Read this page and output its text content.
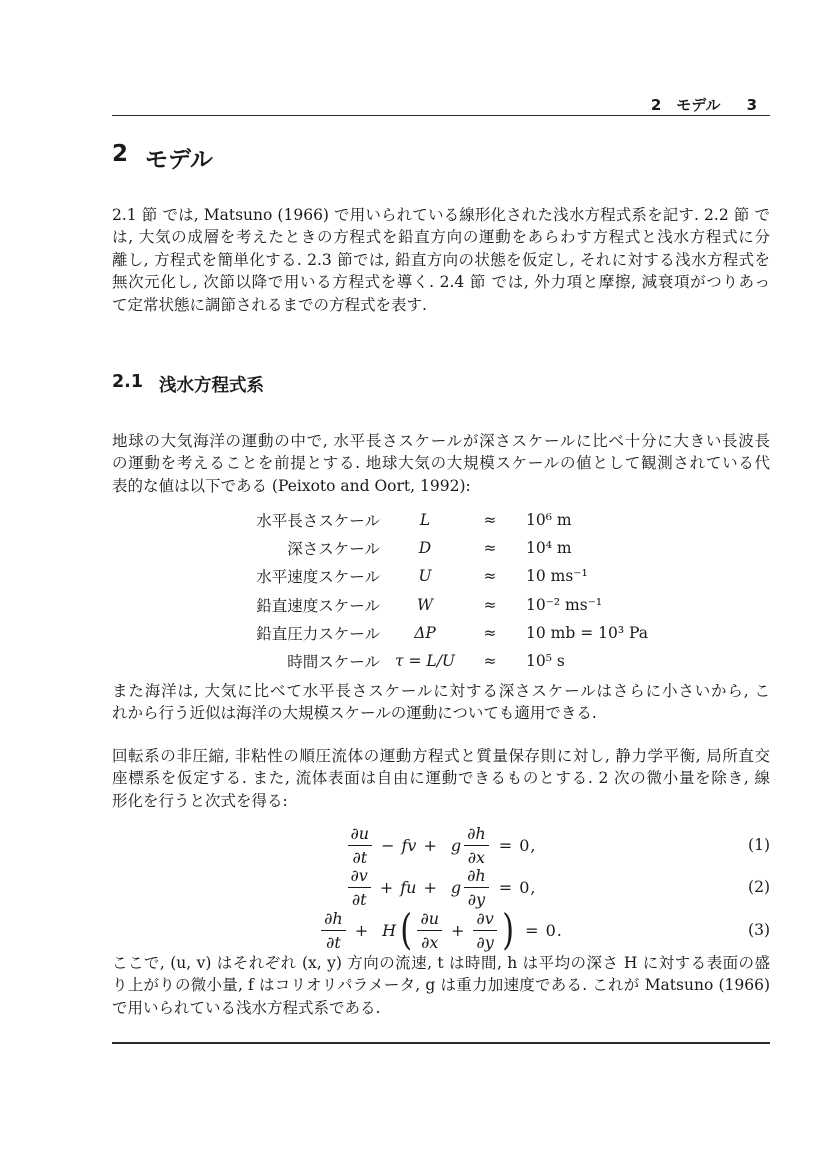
2　モデル 3
2 モデル
2.1 節 では, Matsuno (1966) で用いられている線形化された浅水方程式系を記す. 2.2 節 で
は, 大気の成層を考えたときの方程式を鉛直方向の運動をあらわす方程式と浅水方程式に分
離し, 方程式を簡単化する. 2.3 節では, 鉛直方向の状態を仮定し, それに対する浅水方程式を
無次元化し, 次節以降で用いる方程式を導く. 2.4 節 では, 外力項と摩擦, 減衰項がつりあっ
て定常状態に調節されるまでの方程式を表す.
2.1 浅水方程式系
地球の大気海洋の運動の中で, 水平長さスケールが深さスケールに比べ十分に大きい長波長
の運動を考えることを前提とする. 地球大気の大規模スケールの値として観測されている代
表的な値は以下である (Peixoto and Oort, 1992):
水平長さスケール	L	≈	10⁶ m
深さスケール	D	≈	10⁴ m
水平速度スケール	U	≈	10 ms⁻¹
鉛直速度スケール	W	≈	10⁻² ms⁻¹
鉛直圧力スケール	ΔP	≈	10 mb = 10³ Pa
時間スケール τ = L/U	≈	10⁵ s
また海洋は, 大気に比べて水平長さスケールに対する深さスケールはさらに小さいから, こ
れから行う近似は海洋の大規模スケールの運動についても適用できる.
回転系の非圧縮, 非粘性の順圧流体の運動方程式と質量保存則に対し, 静力学平衡, 局所直交
座標系を仮定する. また, 流体表面は自由に運動できるものとする. 2 次の微小量を除き, 線
形化を行うと次式を得る:
$\frac{\partial u}{\partial t}$ − fv + g $\frac{\partial h}{\partial x} = 0$,	(1)
$\frac{\partial v}{\partial t}$ + fu + g $\frac{\partial h}{\partial y} = 0$,	(2)
$\frac{\partial h}{\partial t} + H$ ( $\frac{\partial u}{\partial x} + \frac{\partial v}{\partial y}$ ) = 0.	(3)
ここで, (u, v) はそれぞれ (x, y) 方向の流速, t は時間, h は平均の深さ H に対する表面の盛
り上がりの微小量, f はコリオリパラメータ, g は重力加速度である. これが Matsuno (1966)
で用いられている浅水方程式系である.
